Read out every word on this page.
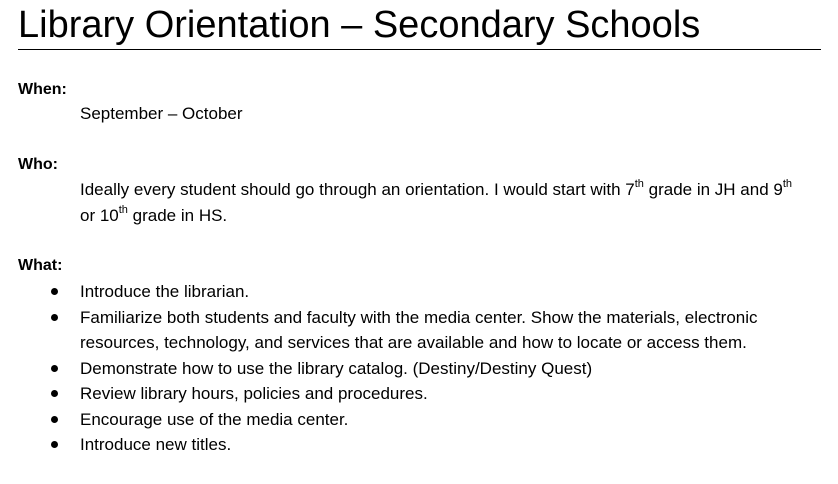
Library Orientation – Secondary Schools

When:

September – October

Who:

Ideally every student should go through an orientation. I would start with 7th grade in JH and 9th or 10th grade in HS.

What:

Introduce the librarian.
Familiarize both students and faculty with the media center. Show the materials, electronic resources, technology, and services that are available and how to locate or access them.
Demonstrate how to use the library catalog. (Destiny/Destiny Quest)
Review library hours, policies and procedures.
Encourage use of the media center.
Introduce new titles.
